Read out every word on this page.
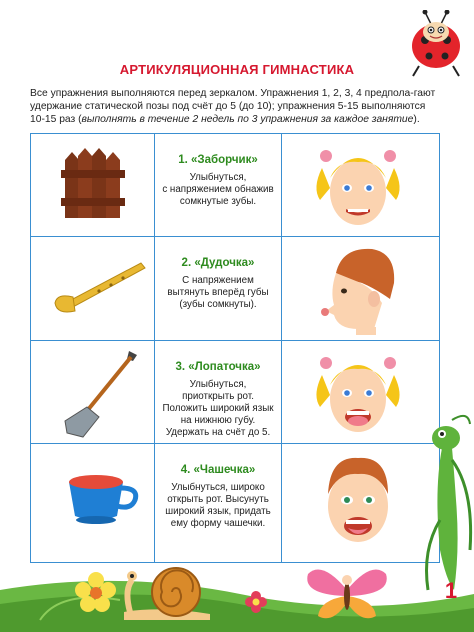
АРТИКУЛЯЦИОННАЯ ГИМНАСТИКА
Все упражнения выполняются перед зеркалом. Упражнения 1, 2, 3, 4 предпола-гают удержание статической позы под счёт до 5 (до 10); упражнения 5-15 выполняются 10-15 раз (выполнять в течение 2 недель по 3 упражнения за каждое занятие).
1. «Заборчик»
Улыбнуться,
с напряжением обнажив
сомкнутые зубы.
2. «Дудочка»
С напряжением
вытянуть вперёд губы
(зубы сомкнуты).
3. «Лопаточка»
Улыбнуться,
приоткрыть рот.
Положить широкий язык
на нижнюю губу.
Удержать на счёт до 5.
4. «Чашечка»
Улыбнуться, широко
открыть рот. Высунуть
широкий язык, придать
ему форму чашечки.
1
